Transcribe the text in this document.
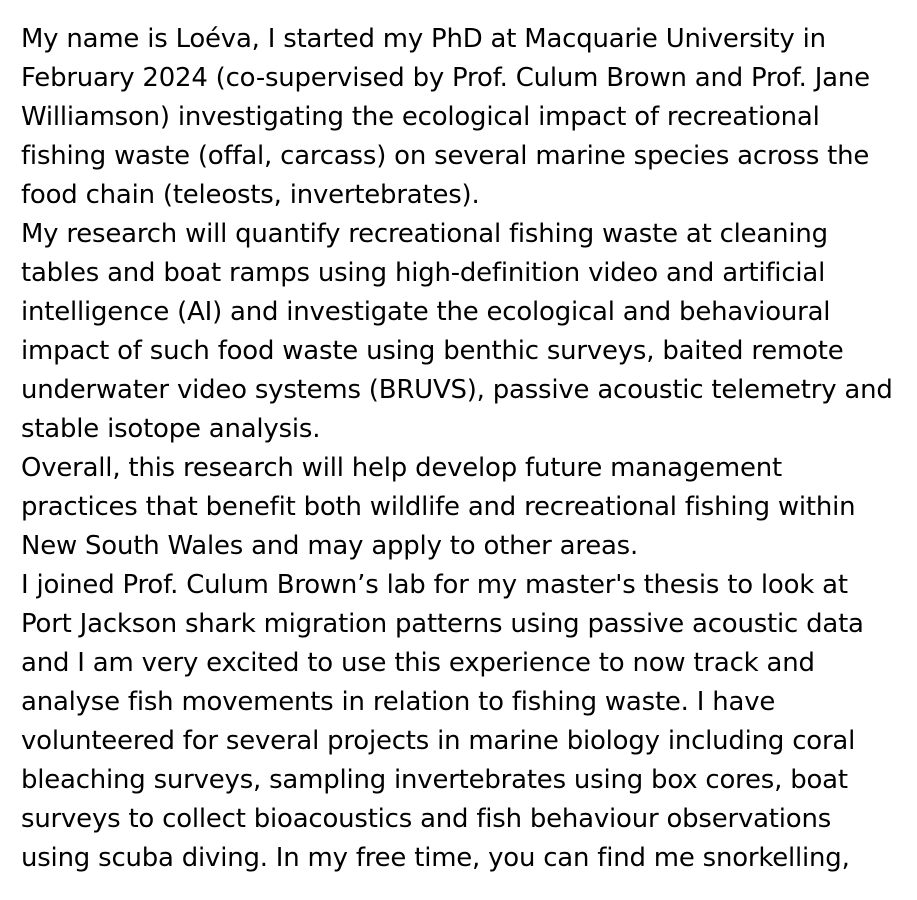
My name is Loéva, I started my PhD at Macquarie University in
February 2024 (co-supervised by Prof. Culum Brown and Prof. Jane
Williamson) investigating the ecological impact of recreational
fishing waste (offal, carcass) on several marine species across the
food chain (teleosts, invertebrates).
My research will quantify recreational fishing waste at cleaning
tables and boat ramps using high-definition video and artificial
intelligence (AI) and investigate the ecological and behavioural
impact of such food waste using benthic surveys, baited remote
underwater video systems (BRUVS), passive acoustic telemetry and
stable isotope analysis.
Overall, this research will help develop future management
practices that benefit both wildlife and recreational fishing within
New South Wales and may apply to other areas.
I joined Prof. Culum Brown’s lab for my master's thesis to look at
Port Jackson shark migration patterns using passive acoustic data
and I am very excited to use this experience to now track and
analyse fish movements in relation to fishing waste. I have
volunteered for several projects in marine biology including coral
bleaching surveys, sampling invertebrates using box cores, boat
surveys to collect bioacoustics and fish behaviour observations
using scuba diving. In my free time, you can find me snorkelling,
